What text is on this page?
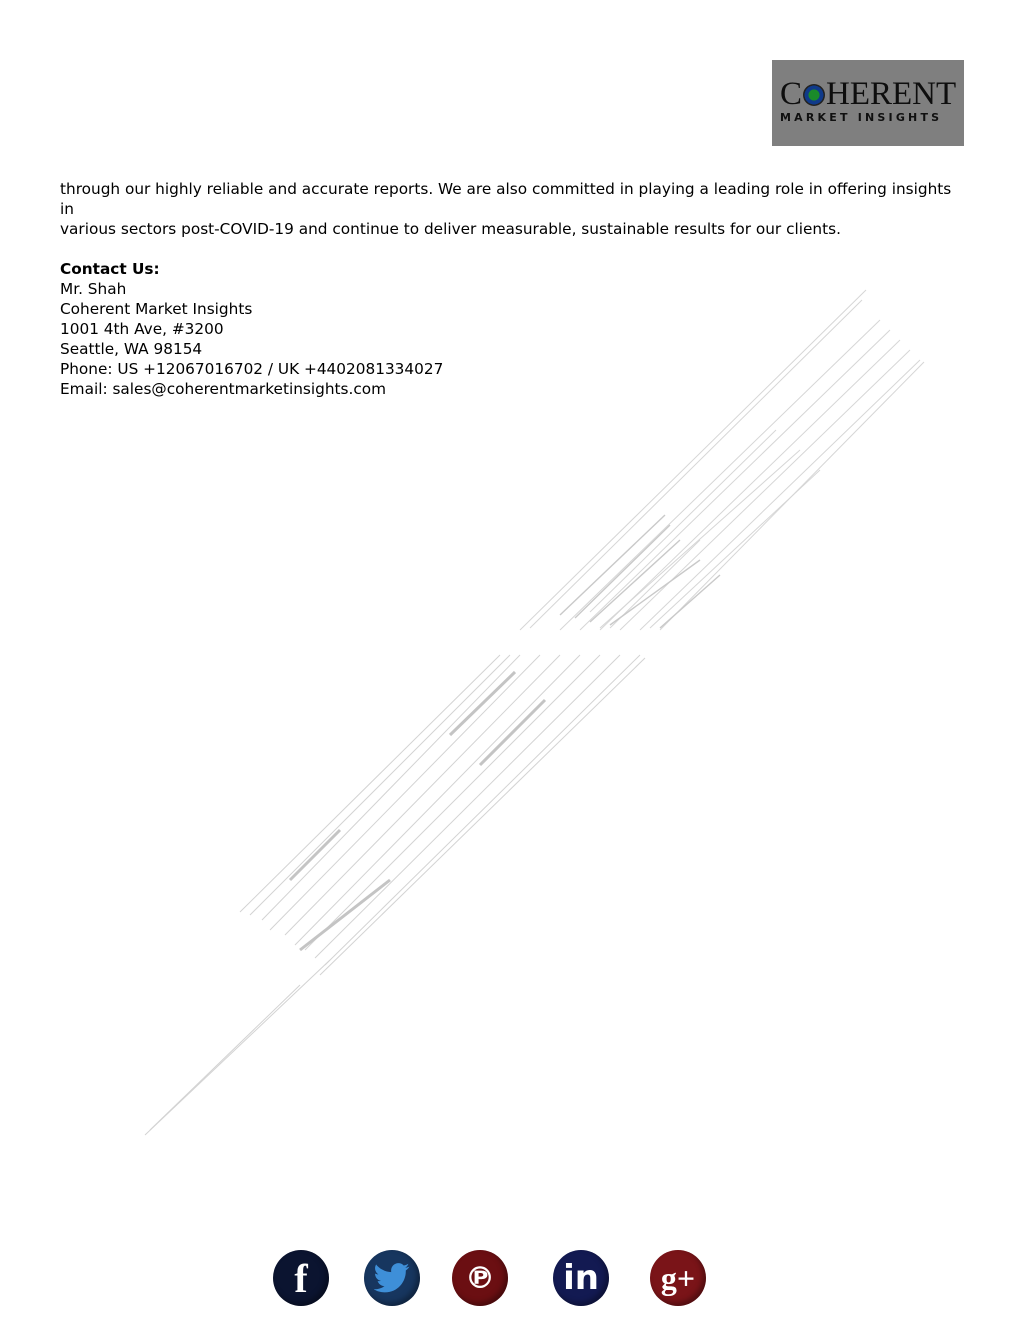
C HERENT
MARKET INSIGHTS

through our highly reliable and accurate reports. We are also committed in playing a leading role in offering insights in

various sectors post-COVID-19 and continue to deliver measurable, sustainable results for our clients.

Contact Us:

Mr. Shah

Coherent Market Insights

1001 4th Ave, #3200

Seattle, WA 98154

Phone: US +12067016702 / UK +4402081334027

Email: sales@coherentmarketinsights.com

f	℗ in g+
